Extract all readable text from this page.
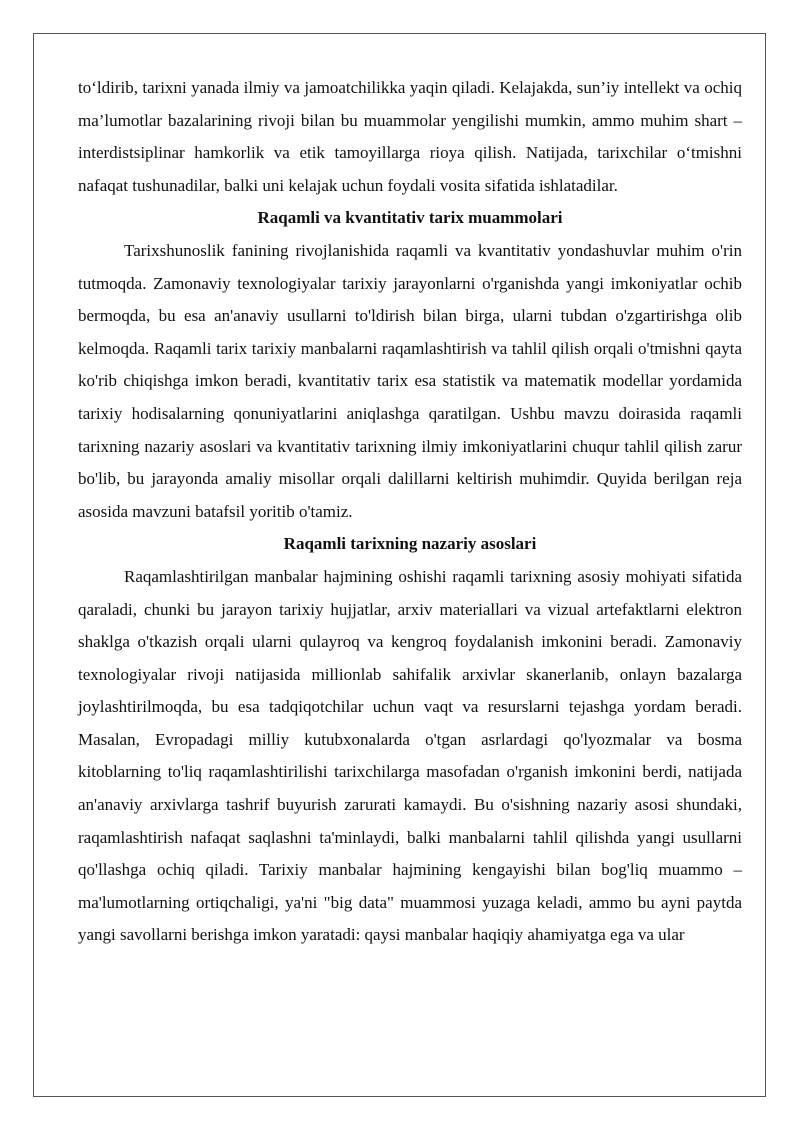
to‘ldirib, tarixni yanada ilmiy va jamoatchilikka yaqin qiladi. Kelajakda, sun’iy intellekt va ochiq ma’lumotlar bazalarining rivoji bilan bu muammolar yengilishi mumkin, ammo muhim shart – interdistsiplinar hamkorlik va etik tamoyillarga rioya qilish. Natijada, tarixchilar o‘tmishni nafaqat tushunadilar, balki uni kelajak uchun foydali vosita sifatida ishlatadilar.

Raqamli va kvantitativ tarix muammolari

Tarixshunoslik fanining rivojlanishida raqamli va kvantitativ yondashuvlar muhim o'rin tutmoqda. Zamonaviy texnologiyalar tarixiy jarayonlarni o'rganishda yangi imkoniyatlar ochib bermoqda, bu esa an'anaviy usullarni to'ldirish bilan birga, ularni tubdan o'zgartirishga olib kelmoqda. Raqamli tarix tarixiy manbalarni raqamlashtirish va tahlil qilish orqali o'tmishni qayta ko'rib chiqishga imkon beradi, kvantitativ tarix esa statistik va matematik modellar yordamida tarixiy hodisalarning qonuniyatlarini aniqlashga qaratilgan. Ushbu mavzu doirasida raqamli tarixning nazariy asoslari va kvantitativ tarixning ilmiy imkoniyatlarini chuqur tahlil qilish zarur bo'lib, bu jarayonda amaliy misollar orqali dalillarni keltirish muhimdir. Quyida berilgan reja asosida mavzuni batafsil yoritib o'tamiz.

Raqamli tarixning nazariy asoslari

Raqamlashtirilgan manbalar hajmining oshishi raqamli tarixning asosiy mohiyati sifatida qaraladi, chunki bu jarayon tarixiy hujjatlar, arxiv materiallari va vizual artefaktlarni elektron shaklga o'tkazish orqali ularni qulayroq va kengroq foydalanish imkonini beradi. Zamonaviy texnologiyalar rivoji natijasida millionlab sahifalik arxivlar skanerlanib, onlayn bazalarga joylashtirilmoqda, bu esa tadqiqotchilar uchun vaqt va resurslarni tejashga yordam beradi. Masalan, Evropadagi milliy kutubxonalarda o'tgan asrlardagi qo'lyozmalar va bosma kitoblarning to'liq raqamlashtirilishi tarixchilarga masofadan o'rganish imkonini berdi, natijada an'anaviy arxivlarga tashrif buyurish zarurati kamaydi. Bu o'sishning nazariy asosi shundaki, raqamlashtirish nafaqat saqlashni ta'minlaydi, balki manbalarni tahlil qilishda yangi usullarni qo'llashga ochiq qiladi. Tarixiy manbalar hajmining kengayishi bilan bog'liq muammo – ma'lumotlarning ortiqchaligi, ya'ni "big data" muammosi yuzaga keladi, ammo bu ayni paytda yangi savollarni berishga imkon yaratadi: qaysi manbalar haqiqiy ahamiyatga ega va ular
